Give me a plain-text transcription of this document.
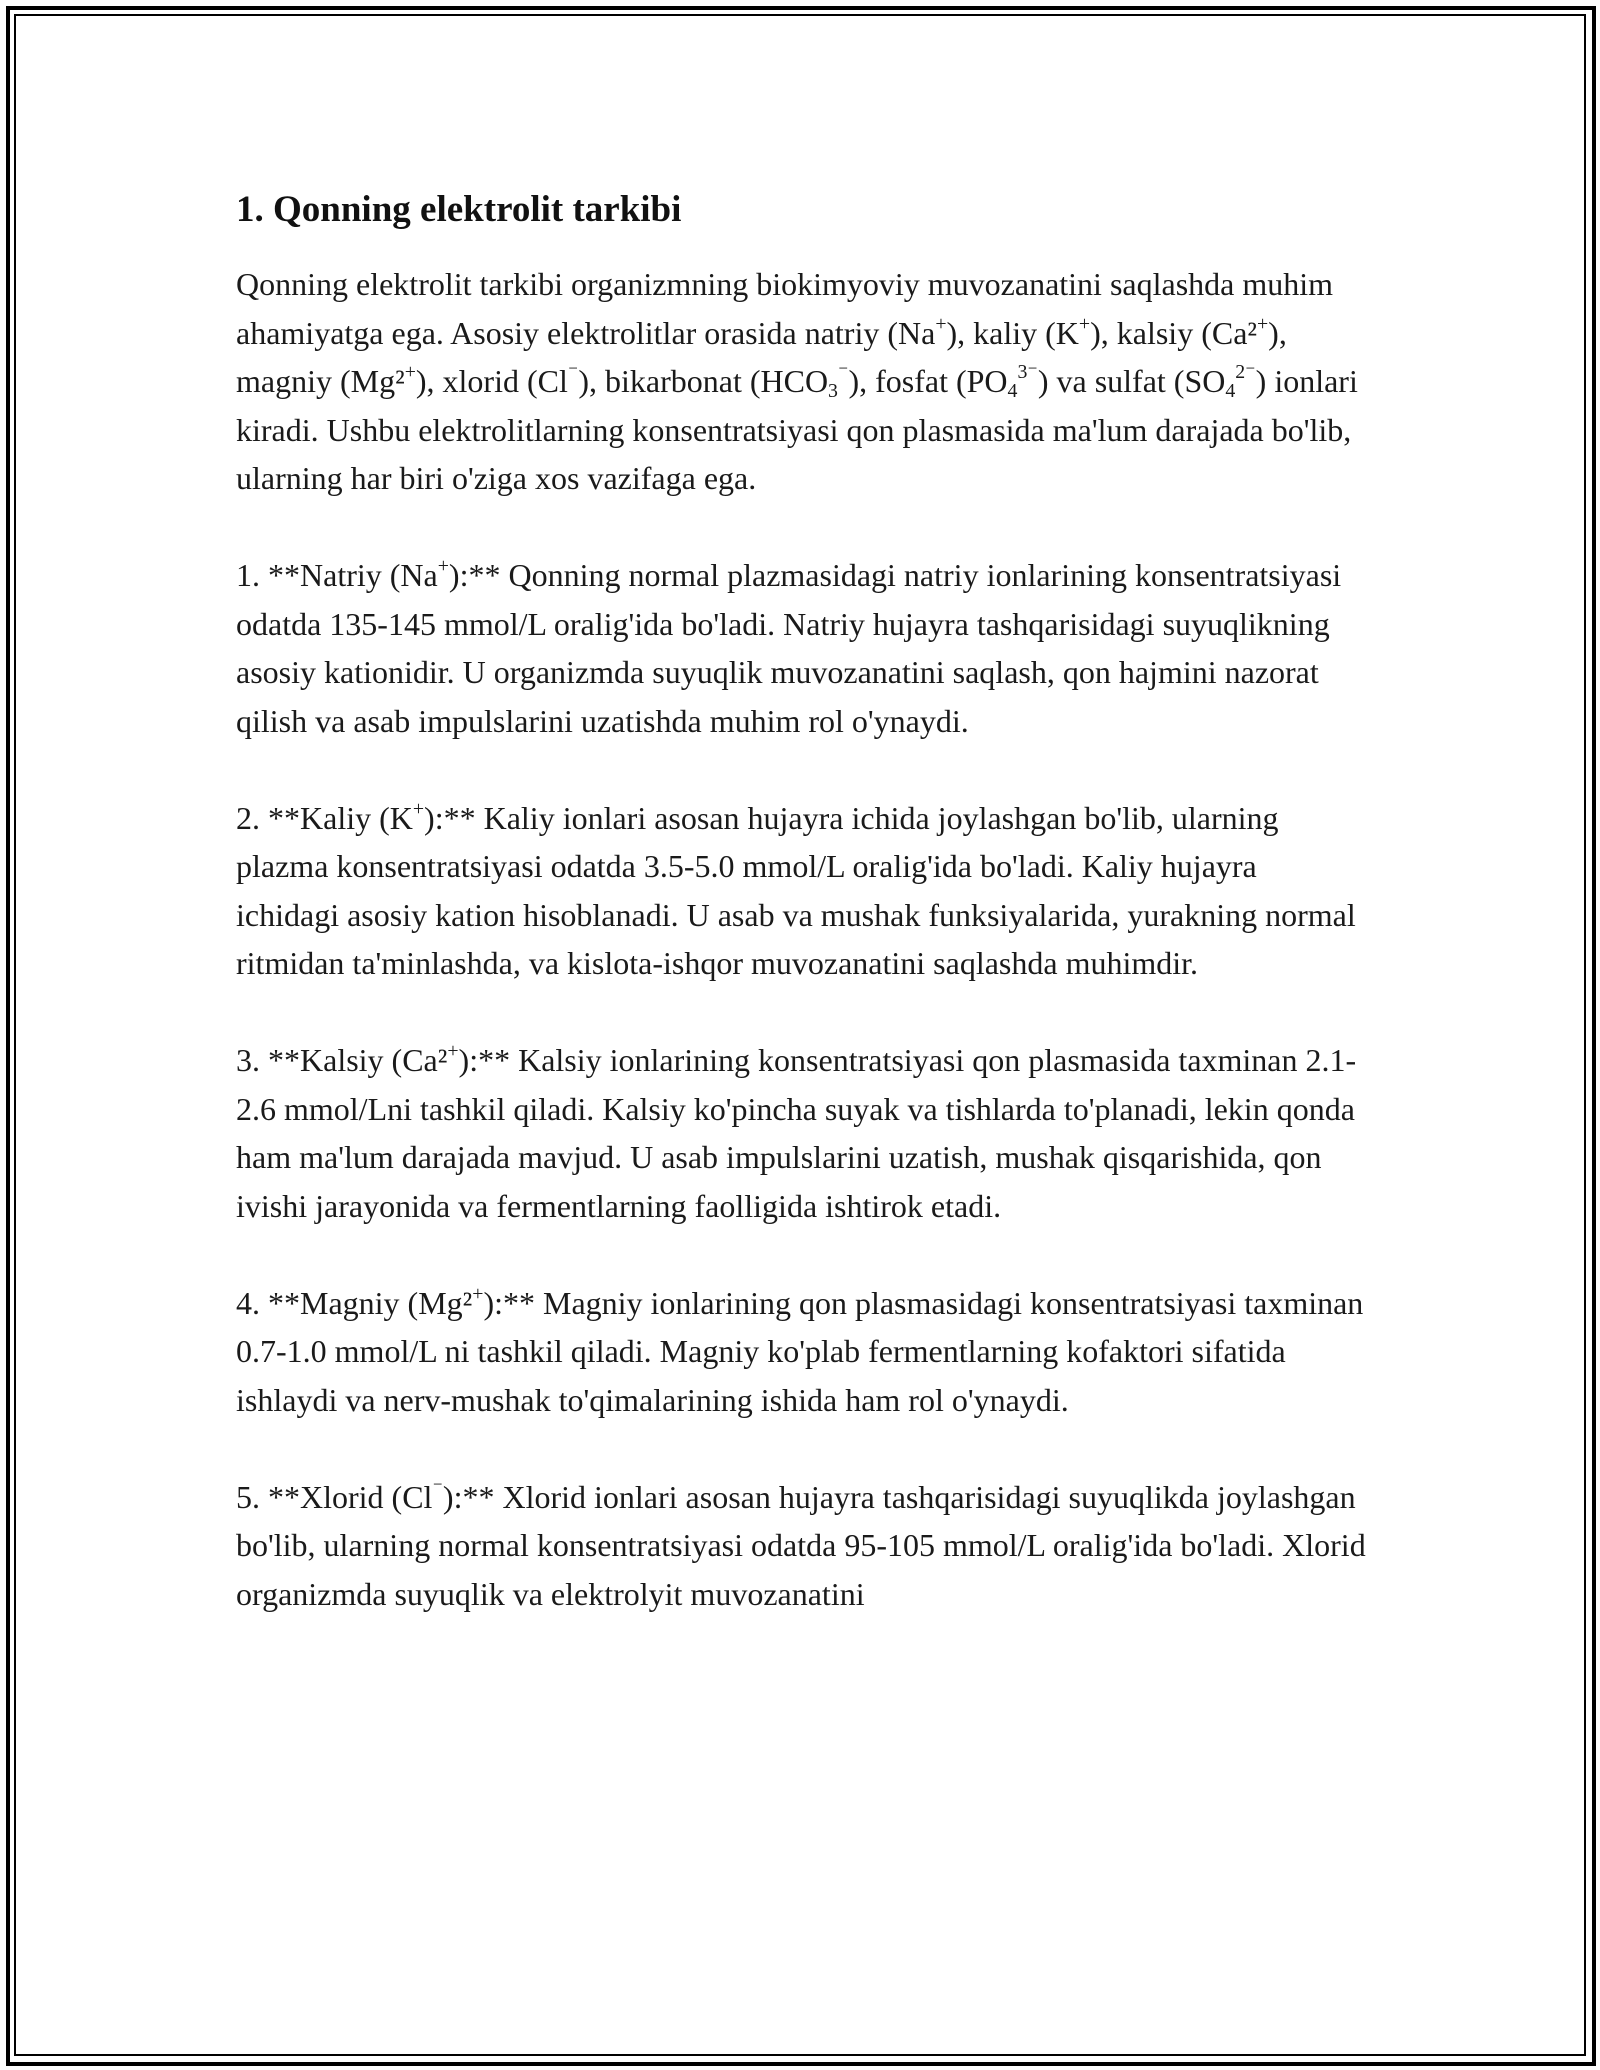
1. Qonning elektrolit tarkibi

Qonning elektrolit tarkibi organizmning biokimyoviy muvozanatini saqlashda muhim ahamiyatga ega. Asosiy elektrolitlar orasida natriy (Na+), kaliy (K+), kalsiy (Ca²+), magniy (Mg²+), xlorid (Cl⁻), bikarbonat $(HCO_3^{^-})$, fosfat $(PO_4^{3^-})$ va sulfat $(SO_4^{2^-})$ ionlari kiradi. Ushbu elektrolitlarning konsentratsiyasi qon plasmasida ma'lum darajada bo'lib, ularning har biri o'ziga xos vazifaga ega.

1. **Natriy (Na+):** Qonning normal plazmasidagi natriy ionlarining konsentratsiyasi odatda 135-145 mmol/L oralig'ida bo'ladi. Natriy hujayra tashqarisidagi suyuqlikning asosiy kationidir. U organizmda suyuqlik muvozanatini saqlash, qon hajmini nazorat qilish va asab impulslarini uzatishda muhim rol o'ynaydi.

2. **Kaliy (K+):** Kaliy ionlari asosan hujayra ichida joylashgan bo'lib, ularning plazma konsentratsiyasi odatda 3.5-5.0 mmol/L oralig'ida bo'ladi. Kaliy hujayra ichidagi asosiy kation hisoblanadi. U asab va mushak funksiyalarida, yurakning normal ritmidan ta'minlashda, va kislota-ishqor muvozanatini saqlashda muhimdir.

3. **Kalsiy (Ca²+):** Kalsiy ionlarining konsentratsiyasi qon plasmasida taxminan 2.1-2.6 mmol/Lni tashkil qiladi. Kalsiy ko'pincha suyak va tishlarda to'planadi, lekin qonda ham ma'lum darajada mavjud. U asab impulslarini uzatish, mushak qisqarishida, qon ivishi jarayonida va fermentlarning faolligida ishtirok etadi.

4. **Magniy (Mg²+):** Magniy ionlarining qon plasmasidagi konsentratsiyasi taxminan 0.7-1.0 mmol/L ni tashkil qiladi. Magniy ko'plab fermentlarning kofaktori sifatida ishlaydi va nerv-mushak to'qimalarining ishida ham rol o'ynaydi.

5. **Xlorid (Cl⁻):** Xlorid ionlari asosan hujayra tashqarisidagi suyuqlikda joylashgan bo'lib, ularning normal konsentratsiyasi odatda 95-105 mmol/L oralig'ida bo'ladi. Xlorid organizmda suyuqlik va elektrolyit muvozanatini
